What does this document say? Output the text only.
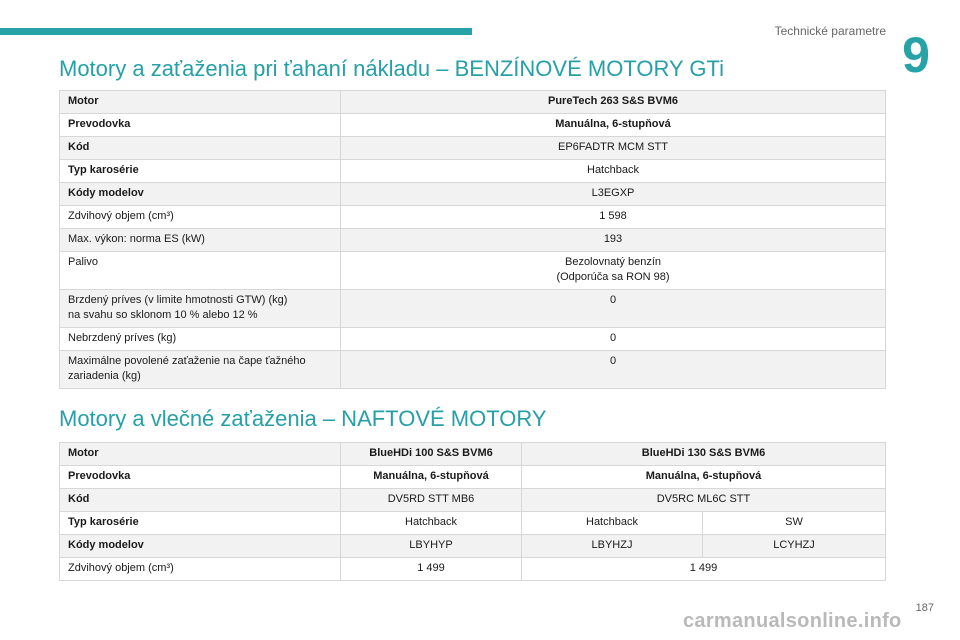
Technické parametre 9
Motory a zaťaženia pri ťahaní nákladu – BENZÍNOVÉ MOTORY GTi
Motor	PureTech 263 S&S BVM6
Prevodovka	Manuálna, 6-stupňová
Kód	EP6FADTR MCM STT
Typ karosérie	Hatchback
Kódy modelov	L3EGXP
Zdvihový objem (cm³)	1 598
Max. výkon: norma ES (kW)	193
Palivo	Bezolovnatý benzín
(Odporúča sa RON 98)

Brzdený príves (v limite hmotnosti GTW) (kg)
na svahu so sklonom 10 % alebo 12 %	0
Nebrzdený príves (kg)	0

Maximálne povolené zaťaženie na čape ťažného
zariadenia (kg)	0
Motory a vlečné zaťaženia – NAFTOVÉ MOTORY
Motor	BlueHDi 100 S&S BVM6	BlueHDi 130 S&S BVM6	
Prevodovka	Manuálna, 6-stupňová	Manuálna, 6-stupňová	
Kód	DV5RD STT MB6	DV5RC ML6C STT	
Typ karosérie	Hatchback	Hatchback	SW
Kódy modelov	LBYHYP	LBYHZJ	LCYHZJ
Zdvihový objem (cm³)	1 499	1 499	
187
carmanualsonline.info
